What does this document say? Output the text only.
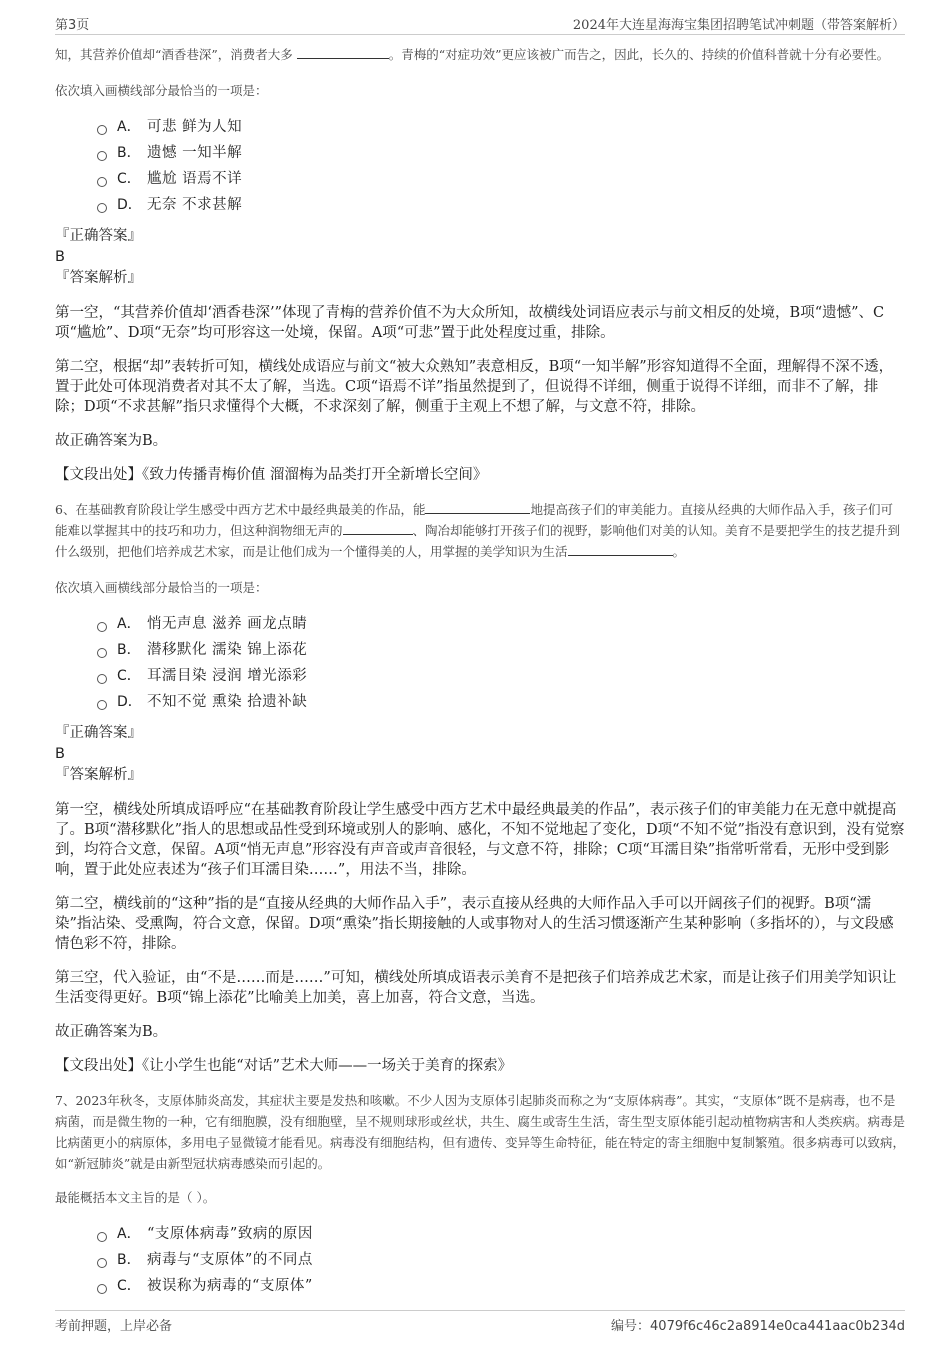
第3页	2024年大连星海海宝集团招聘笔试冲刺题（带答案解析）

知，其营养价值却“酒香巷深”，消费者大多	。青梅的“对症功效”更应该被广而告之，因此，长久的、持续的价值科普就十分有必要性。

依次填入画横线部分最恰当的一项是：

A． 可悲 鲜为人知
B． 遗憾 一知半解
C． 尴尬 语焉不详
D． 无奈 不求甚解

『正确答案』

B

『答案解析』

第一空，“其营养价值却‘酒香巷深’”体现了青梅的营养价值不为大众所知，故横线处词语应表示与前文相反的处境，B项“遗憾”、C项“尴尬”、D项“无奈”均可形容这一处境，保留。A项“可悲”置于此处程度过重，排除。

第二空，根据“却”表转折可知，横线处成语应与前文“被大众熟知”表意相反，B项“一知半解”形容知道得不全面，理解得不深不透，置于此处可体现消费者对其不太了解，当选。C项“语焉不详”指虽然提到了，但说得不详细，侧重于说得不详细，而非不了解，排除；D项“不求甚解”指只求懂得个大概，不求深刻了解，侧重于主观上不想了解，与文意不符，排除。

故正确答案为B。

【文段出处】《致力传播青梅价值 溜溜梅为品类打开全新增长空间》

6、在基础教育阶段让学生感受中西方艺术中最经典最美的作品，能	地提高孩子们的审美能力。直接从经典的大师作品入手，孩子们可能难以掌握其中的技巧和功力，但这种润物细无声的	、陶冶却能够打开孩子们的视野，影响他们对美的认知。美育不是要把学生的技艺提升到什么级别，把他们培养成艺术家，而是让他们成为一个懂得美的人，用掌握的美学知识为生活	。

依次填入画横线部分最恰当的一项是：

A． 悄无声息 滋养 画龙点睛
B． 潜移默化 濡染 锦上添花
C． 耳濡目染 浸润 增光添彩
D． 不知不觉 熏染 拾遗补缺

『正确答案』

B

『答案解析』

第一空，横线处所填成语呼应“在基础教育阶段让学生感受中西方艺术中最经典最美的作品”，表示孩子们的审美能力在无意中就提高了。B项“潜移默化”指人的思想或品性受到环境或别人的影响、感化，不知不觉地起了变化，D项“不知不觉”指没有意识到，没有觉察到，均符合文意，保留。A项“悄无声息”形容没有声音或声音很轻，与文意不符，排除；C项“耳濡目染”指常听常看，无形中受到影响，置于此处应表述为“孩子们耳濡目染……”，用法不当，排除。

第二空，横线前的“这种”指的是“直接从经典的大师作品入手”，表示直接从经典的大师作品入手可以开阔孩子们的视野。B项“濡染”指沾染、受熏陶，符合文意，保留。D项“熏染”指长期接触的人或事物对人的生活习惯逐渐产生某种影响（多指坏的），与文段感情色彩不符，排除。

第三空，代入验证，由“不是……而是……”可知，横线处所填成语表示美育不是把孩子们培养成艺术家，而是让孩子们用美学知识让生活变得更好。B项“锦上添花”比喻美上加美，喜上加喜，符合文意，当选。

故正确答案为B。

【文段出处】《让小学生也能“对话”艺术大师——一场关于美育的探索》

7、2023年秋冬，支原体肺炎高发，其症状主要是发热和咳嗽。不少人因为支原体引起肺炎而称之为“支原体病毒”。其实，“支原体”既不是病毒，也不是病菌，而是微生物的一种，它有细胞膜，没有细胞壁，呈不规则球形或丝状，共生、腐生或寄生生活，寄生型支原体能引起动植物病害和人类疾病。病毒是比病菌更小的病原体，多用电子显微镜才能看见。病毒没有细胞结构，但有遗传、变异等生命特征，能在特定的寄主细胞中复制繁殖。很多病毒可以致病，如“新冠肺炎”就是由新型冠状病毒感染而引起的。

最能概括本文主旨的是（ ）。

A． “支原体病毒”致病的原因
B． 病毒与“支原体”的不同点
C． 被误称为病毒的“支原体”
考前押题，上岸必备	编号：4079f6c46c2a8914e0ca441aac0b234d
